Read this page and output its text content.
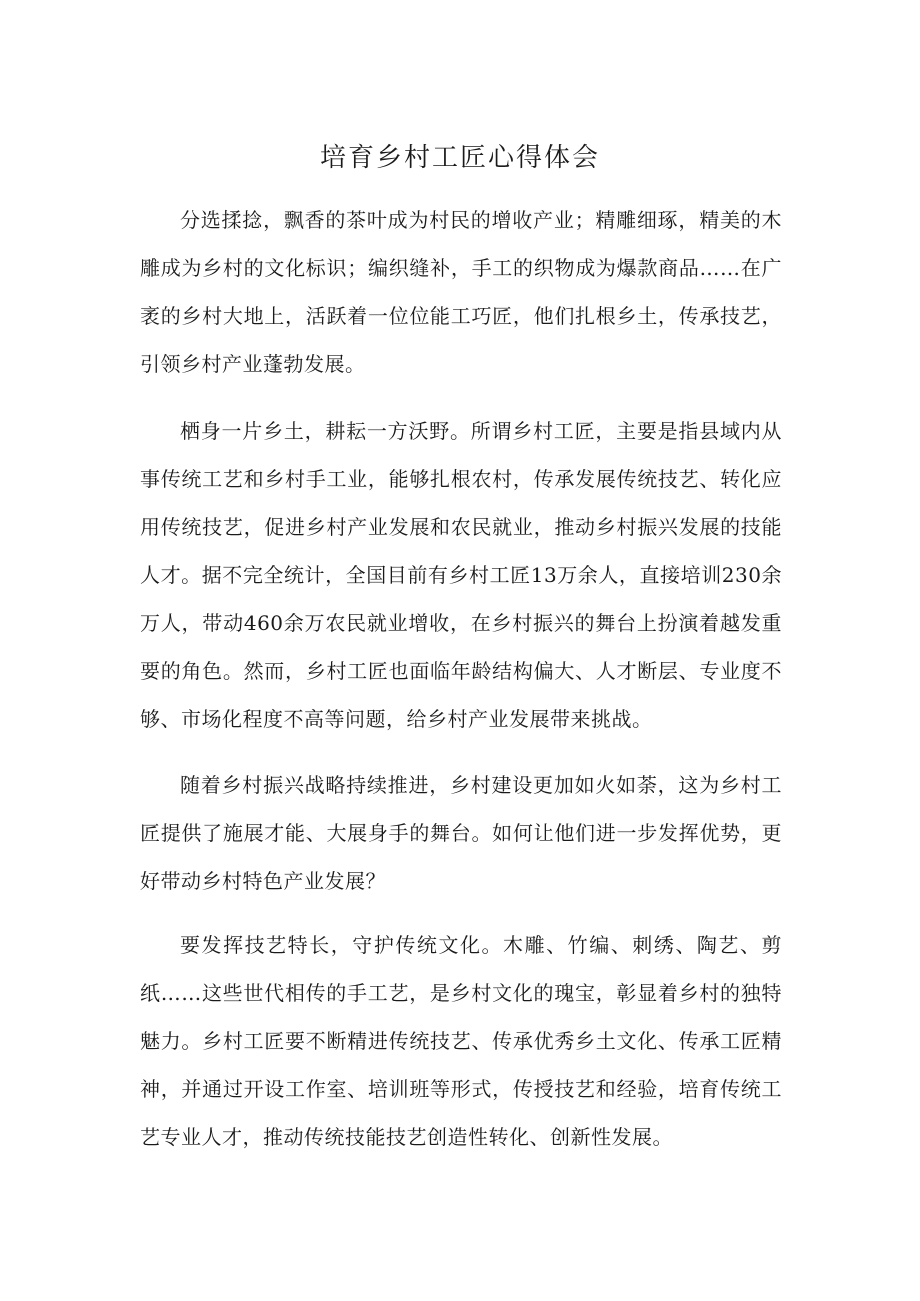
培育乡村工匠心得体会

分选揉捻，飘香的茶叶成为村民的增收产业；精雕细琢，精美的木雕成为乡村的文化标识；编织缝补，手工的织物成为爆款商品……在广袤的乡村大地上，活跃着一位位能工巧匠，他们扎根乡土，传承技艺，引领乡村产业蓬勃发展。

栖身一片乡土，耕耘一方沃野。所谓乡村工匠，主要是指县域内从事传统工艺和乡村手工业，能够扎根农村，传承发展传统技艺、转化应用传统技艺，促进乡村产业发展和农民就业，推动乡村振兴发展的技能人才。据不完全统计，全国目前有乡村工匠13万余人，直接培训230余万人，带动460余万农民就业增收，在乡村振兴的舞台上扮演着越发重要的角色。然而，乡村工匠也面临年龄结构偏大、人才断层、专业度不够、市场化程度不高等问题，给乡村产业发展带来挑战。

随着乡村振兴战略持续推进，乡村建设更加如火如荼，这为乡村工匠提供了施展才能、大展身手的舞台。如何让他们进一步发挥优势，更好带动乡村特色产业发展？

要发挥技艺特长，守护传统文化。木雕、竹编、刺绣、陶艺、剪纸……这些世代相传的手工艺，是乡村文化的瑰宝，彰显着乡村的独特魅力。乡村工匠要不断精进传统技艺、传承优秀乡土文化、传承工匠精神，并通过开设工作室、培训班等形式，传授技艺和经验，培育传统工艺专业人才，推动传统技能技艺创造性转化、创新性发展。
